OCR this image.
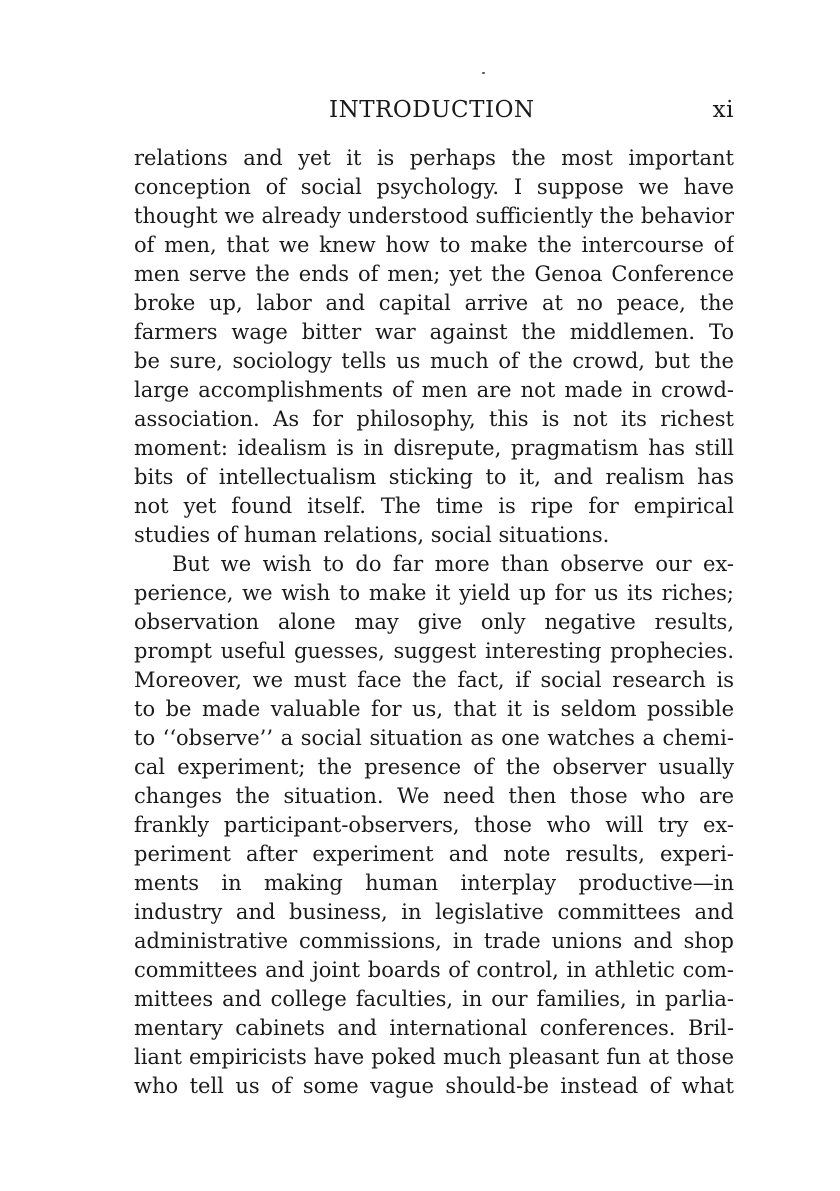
INTRODUCTION	xi
relations and yet it is perhaps the most important
conception of social psychology. I suppose we have
thought we already understood sufficiently the behavior
of men, that we knew how to make the intercourse of
men serve the ends of men; yet the Genoa Conference
broke up, labor and capital arrive at no peace, the
farmers wage bitter war against the middlemen. To
be sure, sociology tells us much of the crowd, but the
large accomplishments of men are not made in crowd-
association. As for philosophy, this is not its richest
moment: idealism is in disrepute, pragmatism has still
bits of intellectualism sticking to it, and realism has
not yet found itself. The time is ripe for empirical
studies of human relations, social situations.
But we wish to do far more than observe our ex-
perience, we wish to make it yield up for us its riches;
observation alone may give only negative results,
prompt useful guesses, suggest interesting prophecies.
Moreover, we must face the fact, if social research is
to be made valuable for us, that it is seldom possible
to ‘‘observe’’ a social situation as one watches a chemi-
cal experiment; the presence of the observer usually
changes the situation. We need then those who are
frankly participant-observers, those who will try ex-
periment after experiment and note results, experi-
ments in making human interplay productive—in
industry and business, in legislative committees and
administrative commissions, in trade unions and shop
committees and joint boards of control, in athletic com-
mittees and college faculties, in our families, in parlia-
mentary cabinets and international conferences. Bril-
liant empiricists have poked much pleasant fun at those
who tell us of some vague should-be instead of what
